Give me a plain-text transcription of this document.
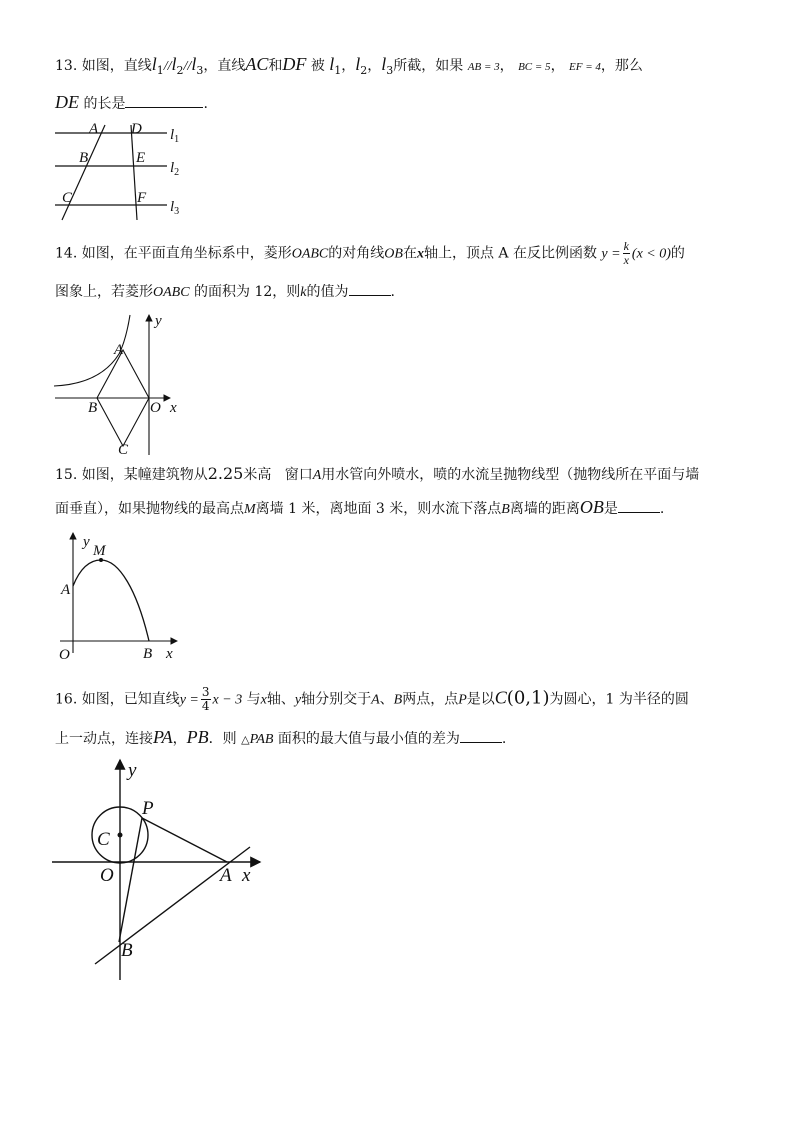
13. 如图，直线$l_1//l_2//l_3$，直线AC和DF 被 $l_1$，$l_2$，$l_3$所截，如果 AB = 3， BC = 5， EF = 4，那么
DE 的长是	.
A D
B	E
C	F
$l_1$
$l_2$
$l_3$
14. 如图，在平面直角坐标系中，菱形OABC的对角线OB在x轴上，顶点 A 在反比例函数 $y = \frac{k}{x} (x < 0)$的
图象上，若菱形OABC 的面积为 12，则k的值为	.
y
A
B	O x
C
15. 如图，某幢建筑物从2.25米高 窗口A用水管向外喷水，喷的水流呈抛物线型（抛物线所在平面与墙
面垂直），如果抛物线的最高点M离墙 1 米，离地面 3 米，则水流下落点B离墙的距离OB是	.
y
M
A
O	B x
16. 如图，已知直线$y = \frac{3}{4}$ x − 3 与x轴、y轴分别交于A、B两点，点P是以C(0,1)为圆心，1 为半径的圆
上一动点，连接PA，PB．则 △PAB 面积的最大值与最小值的差为	.
y
P
C
O	A x
B
